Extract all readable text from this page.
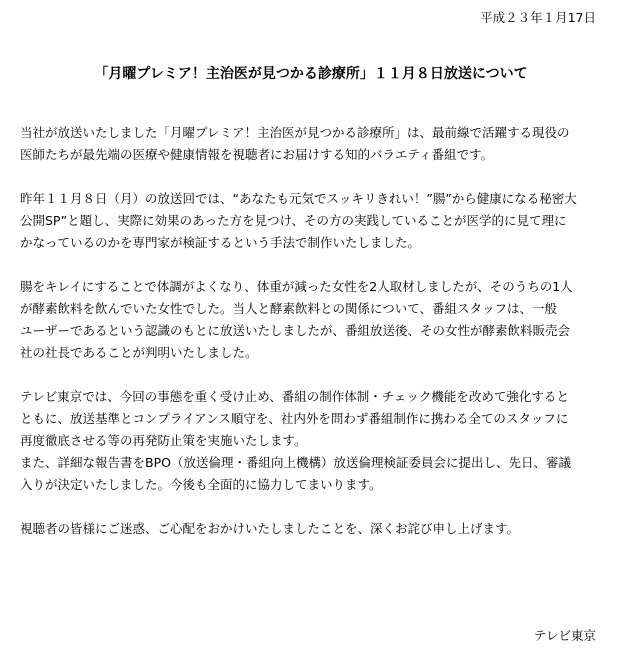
平成２３年１月17日
「月曜プレミア！主治医が見つかる診療所」１１月８日放送について
当社が放送いたしました「月曜プレミア！主治医が見つかる診療所」は、最前線で活躍する現役の
医師たちが最先端の医療や健康情報を視聴者にお届けする知的バラエティ番組です。
昨年１１月８日（月）の放送回では、“あなたも元気でスッキリきれい！”腸”から健康になる秘密大
公開SP”と題し、実際に効果のあった方を見つけ、その方の実践していることが医学的に見て理に
かなっているのかを専門家が検証するという手法で制作いたしました。
腸をキレイにすることで体調がよくなり、体重が減った女性を2人取材しましたが、そのうちの1人
が酵素飲料を飲んでいた女性でした。当人と酵素飲料との関係について、番組スタッフは、一般
ユーザーであるという認識のもとに放送いたしましたが、番組放送後、その女性が酵素飲料販売会
社の社長であることが判明いたしました。
テレビ東京では、今回の事態を重く受け止め、番組の制作体制・チェック機能を改めて強化すると
ともに、放送基準とコンプライアンス順守を、社内外を問わず番組制作に携わる全てのスタッフに
再度徹底させる等の再発防止策を実施いたします。
また、詳細な報告書をBPO（放送倫理・番組向上機構）放送倫理検証委員会に提出し、先日、審議
入りが決定いたしました。今後も全面的に協力してまいります。
視聴者の皆様にご迷惑、ご心配をおかけいたしましたことを、深くお詫び申し上げます。
テレビ東京
